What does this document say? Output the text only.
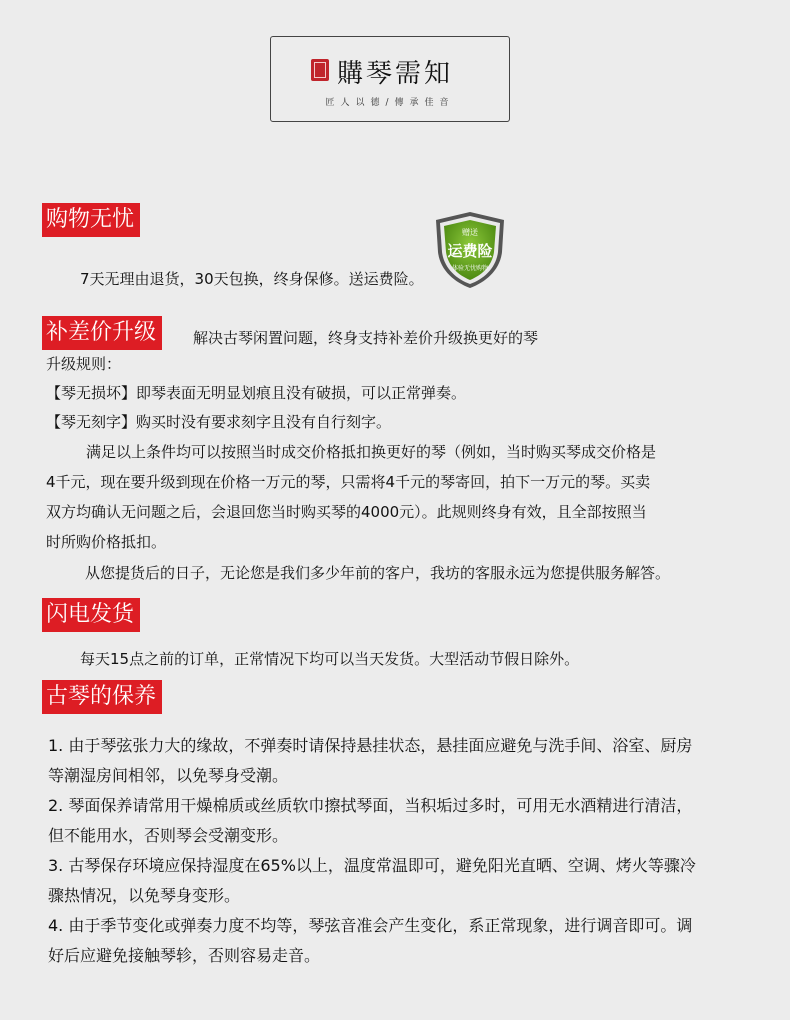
購琴需知
匠人以德/傳承佳音
购物无忧
7天无理由退货，30天包换，终身保修。送运费险。
赠送
运费险
体验无忧购物
补差价升级	解决古琴闲置问题，终身支持补差价升级换更好的琴
升级规则：
【琴无损坏】即琴表面无明显划痕且没有破损，可以正常弹奏。
【琴无刻字】购买时没有要求刻字且没有自行刻字。
满足以上条件均可以按照当时成交价格抵扣换更好的琴（例如，当时购买琴成交价格是
4千元，现在要升级到现在价格一万元的琴，只需将4千元的琴寄回，拍下一万元的琴。买卖
双方均确认无问题之后，会退回您当时购买琴的4000元）。此规则终身有效，且全部按照当
时所购价格抵扣。
从您提货后的日子，无论您是我们多少年前的客户，我坊的客服永远为您提供服务解答。
闪电发货
每天15点之前的订单，正常情况下均可以当天发货。大型活动节假日除外。
古琴的保养
1. 由于琴弦张力大的缘故，不弹奏时请保持悬挂状态，悬挂面应避免与洗手间、浴室、厨房
等潮湿房间相邻，以免琴身受潮。
2. 琴面保养请常用干燥棉质或丝质软巾擦拭琴面，当积垢过多时，可用无水酒精进行清洁，
但不能用水，否则琴会受潮变形。
3. 古琴保存环境应保持湿度在65%以上，温度常温即可，避免阳光直晒、空调、烤火等骤冷
骤热情况，以免琴身变形。
4. 由于季节变化或弹奏力度不均等，琴弦音准会产生变化，系正常现象，进行调音即可。调
好后应避免接触琴轸，否则容易走音。
